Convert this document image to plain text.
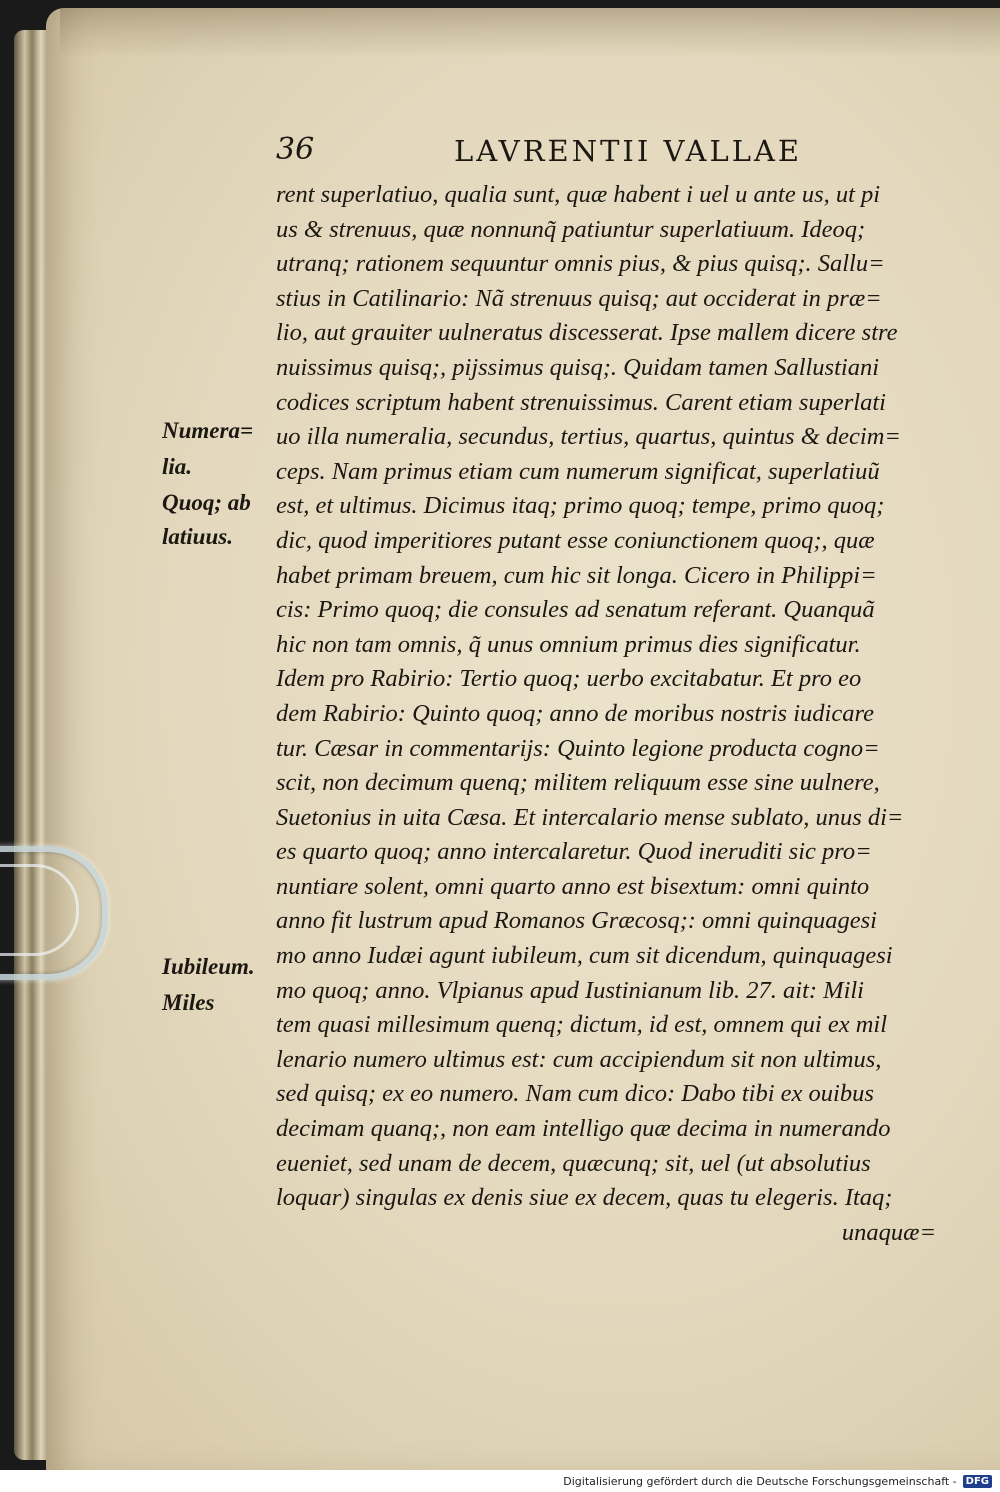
36	LAVRENTII VALLAE
rent superlatiuo, qualia sunt, quæ habent i uel u ante us, ut pi
us & strenuus, quæ nonnunq̃ patiuntur superlatiuum. Ideoq;
utranq; rationem sequuntur omnis pius, & pius quisq;. Sallu=
stius in Catilinario: Nã strenuus quisq; aut occiderat in præ=
lio, aut grauiter uulneratus discesserat. Ipse mallem dicere stre
nuissimus quisq;, pijssimus quisq;. Quidam tamen Sallustiani
codices scriptum habent strenuissimus. Carent etiam superlati
uo illa numeralia, secundus, tertius, quartus, quintus & decim=
ceps. Nam primus etiam cum numerum significat, superlatiuũ
est, et ultimus. Dicimus itaq; primo quoq; tempe, primo quoq;
dic, quod imperitiores putant esse coniunctionem quoq;, quæ
habet primam breuem, cum hic sit longa. Cicero in Philippi=
cis: Primo quoq; die consules ad senatum referant. Quanquã
hic non tam omnis, q̃ unus omnium primus dies significatur.
Idem pro Rabirio: Tertio quoq; uerbo excitabatur. Et pro eo
dem Rabirio: Quinto quoq; anno de moribus nostris iudicare
tur. Cæsar in commentarijs: Quinto legione producta cogno=
scit, non decimum quenq; militem reliquum esse sine uulnere,
Suetonius in uita Cæsa. Et intercalario mense sublato, unus di=
es quarto quoq; anno intercalaretur. Quod ineruditi sic pro=
nuntiare solent, omni quarto anno est bisextum: omni quinto
anno fit lustrum apud Romanos Græcosq;: omni quinquagesi
mo anno Iudæi agunt iubileum, cum sit dicendum, quinquagesi
mo quoq; anno. Vlpianus apud Iustinianum lib. 27. ait: Mili
tem quasi millesimum quenq; dictum, id est, omnem qui ex mil
lenario numero ultimus est: cum accipiendum sit non ultimus,
sed quisq; ex eo numero. Nam cum dico: Dabo tibi ex ouibus
decimam quanq;, non eam intelligo quæ decima in numerando
eueniet, sed unam de decem, quæcunq; sit, uel (ut absolutius
loquar) singulas ex denis siue ex decem, quas tu elegeris. Itaq;
unaquæ=
Numera=
lia.
Quoq; ab
latiuus.
Iubileum.
Miles
Digitalisierung gefördert durch die Deutsche Forschungsgemeinschaft - DFG
